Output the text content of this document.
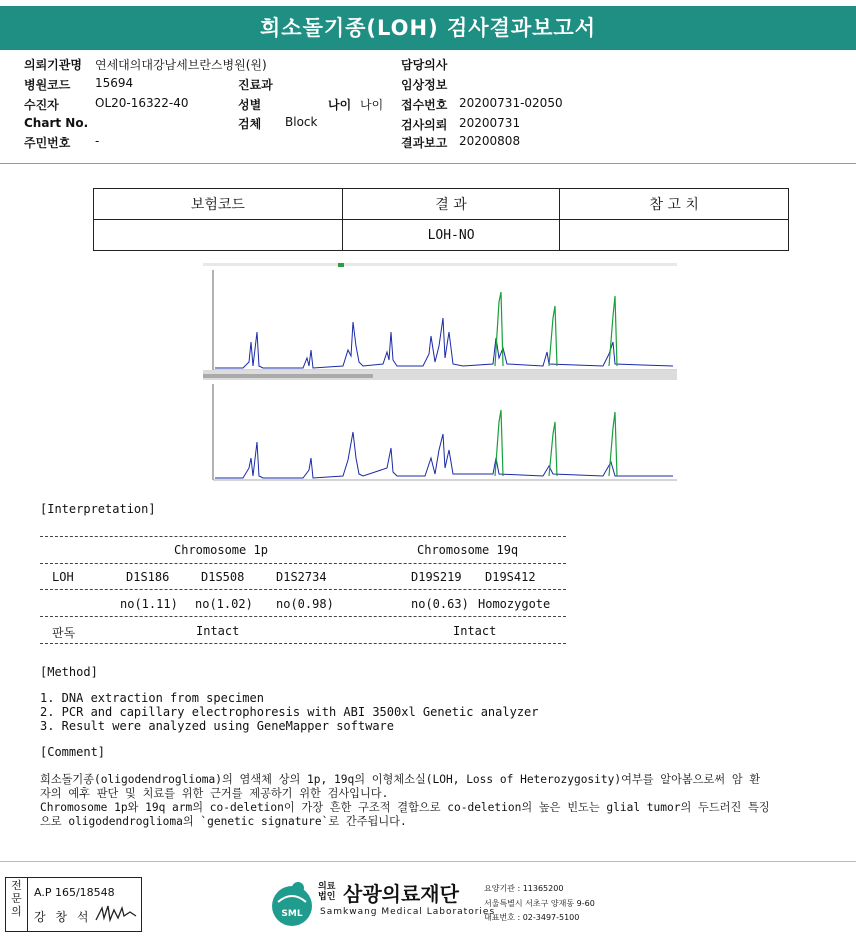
희소돌기종(LOH) 검사결과보고서
의뢰기관명 연세대의대강남세브란스병원(원)
병원코드 15694
수진자	OL20-16322-40
Chart No.
주민번호 -
진료과
성별	나이 나이
검체 Block
담당의사
임상정보
접수번호 20200731-02050
검사의뢰 20200731
결과보고 20200808
보험코드	결 과	참 고 치
	LOH-NO	
[Interpretation]
Chromosome 1p	Chromosome 19q
LOH	D1S186	D1S508	D1S2734	D19S219 D19S412
no(1.11) no(1.02) no(0.98)	no(0.63) Homozygote
판독	Intact	Intact
[Method]
1. DNA extraction from specimen
2. PCR and capillary electrophoresis with ABI 3500xl Genetic analyzer
3. Result were analyzed using GeneMapper software
[Comment]
희소돌기종(oligodendroglioma)의 염색체 상의 1p, 19q의 이형체소실(LOH, Loss of Heterozygosity)여부를 알아봄으로써 암 환
자의 예후 판단 및 치료를 위한 근거를 제공하기 위한 검사입니다.
Chromosome 1p와 19q arm의 co-deletion이 가장 흔한 구조적 결함으로 co-deletion의 높은 빈도는 glial tumor의 두드러진 특징
으로 oligodendroglioma의 `genetic signature`로 간주됩니다.
전문의
A.P 165/18548
강 창 석	SML
의료 법인 삼광의료재단
Samkwang Medical Laboratories
요양기관 : 11365200
서울특별시 서초구 양재동 9-60
대표번호 : 02-3497-5100
